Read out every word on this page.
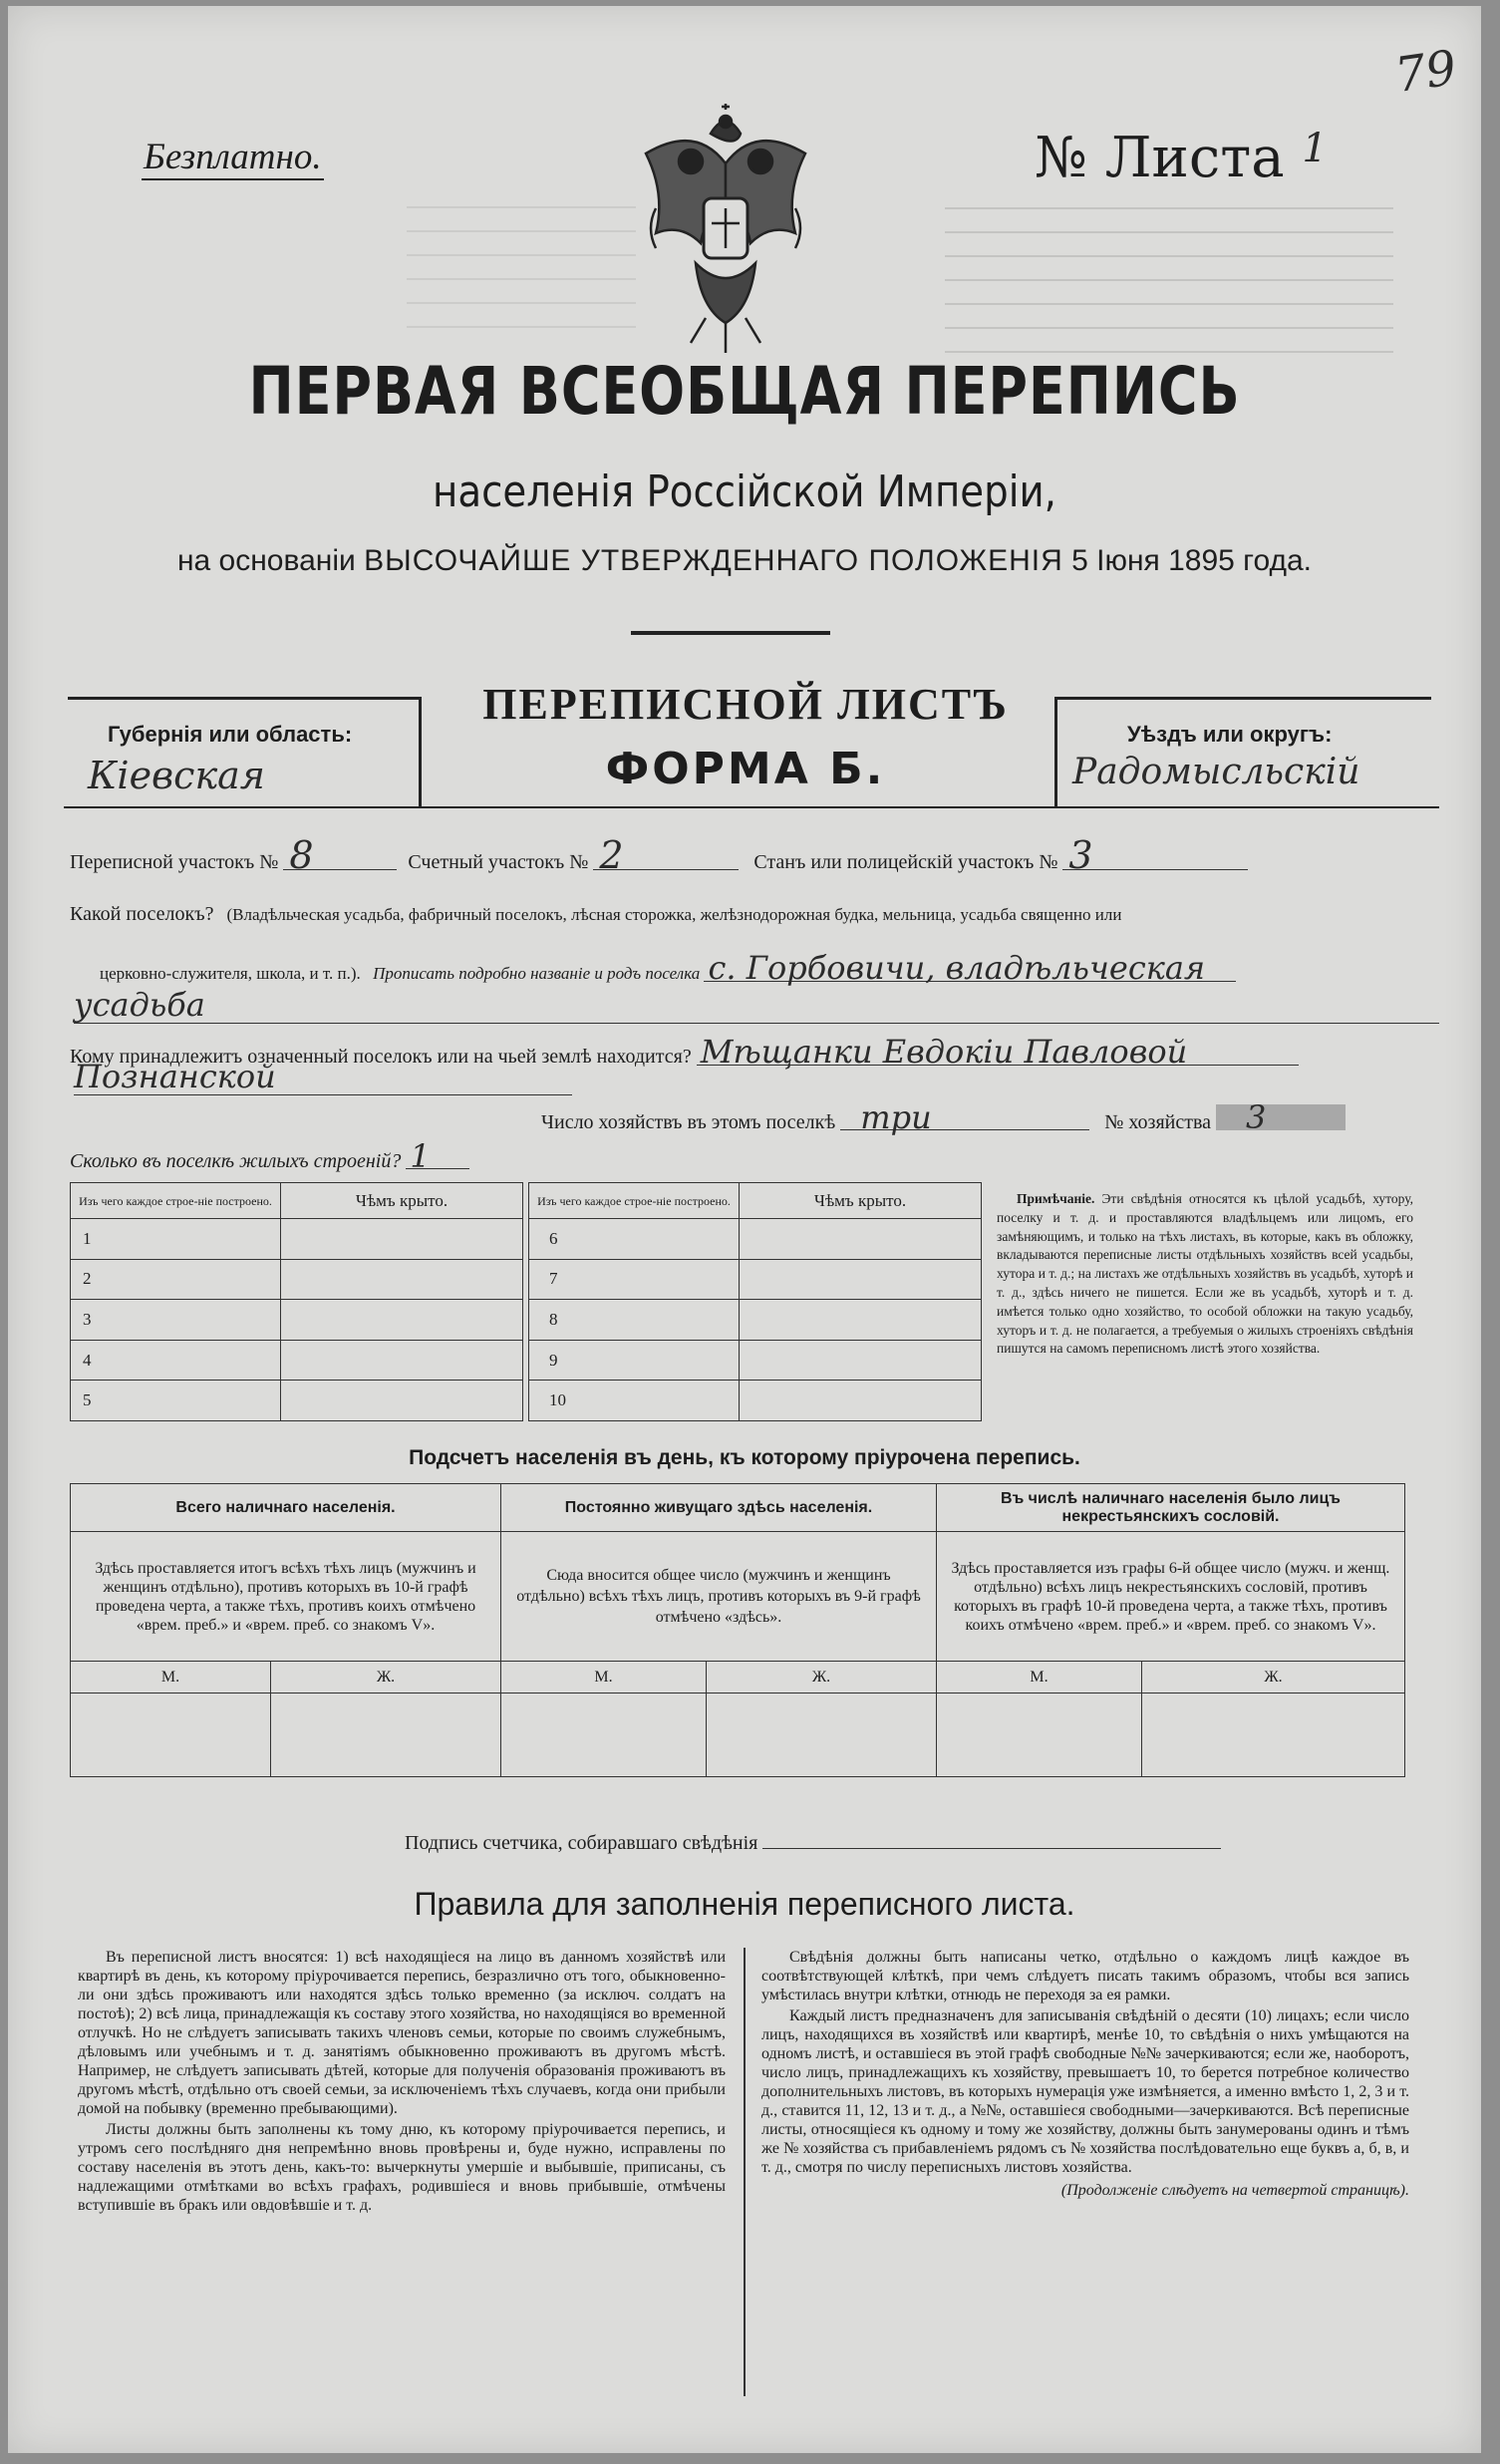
79
Безплатно.	№ Листа $^1$
ПЕРВАЯ ВСЕОБЩАЯ ПЕРЕПИСЬ
населенія Россійской Имперіи,
на основаніи ВЫСОЧАЙШЕ УТВЕРЖДЕННАГО ПОЛОЖЕНІЯ 5 Іюня 1895 года.
ПЕРЕПИСНОЙ ЛИСТЪ
ФОРМА Б.
Губернія или область:
Кіевская
Уѣздъ или округъ:
Радомысльскій
Переписной участокъ № 8	Счетный участокъ № 2	Станъ или полицейскій участокъ № 3
Какой поселокъ? (Владѣльческая усадьба, фабричный поселокъ, лѣсная сторожка, желѣзнодорожная будка, мельница, усадьба священно или
церковно-служителя, школа, и т. п.). Прописать подробно названіе и родъ поселка с. Горбовичи, владѣльческая
усадьба
Кому принадлежитъ означенный поселокъ или на чьей землѣ находится? Мѣщанки Евдокіи Павловой
Познанской
Число хозяйствъ въ этомъ поселкѣ три	№ хозяйства 3
Сколько въ поселкѣ жилыхъ строеній? 1
Изъ чего каждое строе-ніе построено.	Чѣмъ крыто.
1	
2	
3	
4	
5	
Изъ чего каждое строе-ніе построено.	Чѣмъ крыто.
6	
7	
8	
9	
10	
Примѣчаніе. Эти свѣдѣнія относятся къ цѣлой усадьбѣ, хутору, поселку и т. д. и проставляются владѣльцемъ или лицомъ, его замѣняющимъ, и только на тѣхъ листахъ, въ которые, какъ въ обложку, вкладываются переписные листы отдѣльныхъ хозяйствъ всей усадьбы, хутора и т. д.; на листахъ же отдѣльныхъ хозяйствъ въ усадьбѣ, хуторѣ и т. д., здѣсь ничего не пишется. Если же въ усадьбѣ, хуторѣ и т. д. имѣется только одно хозяйство, то особой обложки на такую усадьбу, хуторъ и т. д. не полагается, а требуемыя о жилыхъ строеніяхъ свѣдѣнія пишутся на самомъ переписномъ листѣ этого хозяйства.
Подсчетъ населенія въ день, къ которому пріурочена перепись.
Всего наличнаго населенія.		Постоянно живущаго здѣсь населенія.		Въ числѣ наличнаго населенія было лицъ некрестьянскихъ сословій.	
Здѣсь проставляется итогъ всѣхъ тѣхъ лицъ (мужчинъ и женщинъ отдѣльно), противъ которыхъ въ 10-й графѣ проведена черта, а также тѣхъ, противъ коихъ отмѣчено «врем. преб.» и «врем. преб. со знакомъ V».		Сюда вносится общее число (мужчинъ и женщинъ отдѣльно) всѣхъ тѣхъ лицъ, противъ которыхъ въ 9-й графѣ отмѣчено «здѣсь».		Здѣсь проставляется изъ графы 6-й общее число (мужч. и женщ. отдѣльно) всѣхъ лицъ некрестьянскихъ сословій, противъ которыхъ въ графѣ 10-й проведена черта, а также тѣхъ, противъ коихъ отмѣчено «врем. преб.» и «врем. преб. со знакомъ V».	
М.	Ж.	М.	Ж.	М.	Ж.

Подпись счетчика, собиравшаго свѣдѣнія
Правила для заполненія переписного листа.

Въ переписной листъ вносятся: 1) всѣ находящіеся на лицо въ данномъ хозяйствѣ или квартирѣ въ день, къ которому пріурочивается перепись, безразлично отъ того, обыкновенно-ли они здѣсь проживаютъ или находятся здѣсь только временно (за исключ. солдатъ на постоѣ); 2) всѣ лица, принадлежащія къ составу этого хозяйства, но находящіяся во временной отлучкѣ. Но не слѣдуетъ записывать такихъ членовъ семьи, которые по своимъ служебнымъ, дѣловымъ или учебнымъ и т. д. занятіямъ обыкновенно проживаютъ въ другомъ мѣстѣ. Например, не слѣдуетъ записывать дѣтей, которые для полученія образованія проживаютъ въ другомъ мѣстѣ, отдѣльно отъ своей семьи, за исключеніемъ тѣхъ случаевъ, когда они прибыли домой на побывку (временно пребывающими).

Листы должны быть заполнены къ тому дню, къ которому пріурочивается перепись, и утромъ сего послѣдняго дня непремѣнно вновь провѣрены и, буде нужно, исправлены по составу населенія въ этотъ день, какъ-то: вычеркнуты умершіе и выбывшіе, приписаны, съ надлежащими отмѣтками во всѣхъ графахъ, родившіеся и вновь прибывшіе, отмѣчены вступившіе въ бракъ или овдовѣвшіе и т. д.

Свѣдѣнія должны быть написаны четко, отдѣльно о каждомъ лицѣ каждое въ соотвѣтствующей клѣткѣ, при чемъ слѣдуетъ писать такимъ образомъ, чтобы вся запись умѣстилась внутри клѣтки, отнюдь не переходя за ея рамки.

Каждый листъ предназначенъ для записыванія свѣдѣній о десяти (10) лицахъ; если число лицъ, находящихся въ хозяйствѣ или квартирѣ, менѣе 10, то свѣдѣнія о нихъ умѣщаются на одномъ листѣ, и оставшіеся въ этой графѣ свободные №№ зачеркиваются; если же, наоборотъ, число лицъ, принадлежащихъ къ хозяйству, превышаетъ 10, то берется потребное количество дополнительныхъ листовъ, въ которыхъ нумерація уже измѣняется, а именно вмѣсто 1, 2, 3 и т. д., ставится 11, 12, 13 и т. д., а №№, оставшіеся свободными—зачеркиваются. Всѣ переписные листы, относящіеся къ одному и тому же хозяйству, должны быть занумерованы одинъ и тѣмъ же № хозяйства съ прибавленіемъ рядомъ съ № хозяйства послѣдовательно еще буквъ а, б, в, и т. д., смотря по числу переписныхъ листовъ хозяйства.

(Продолженіе слѣдуетъ на четвертой страницѣ).
